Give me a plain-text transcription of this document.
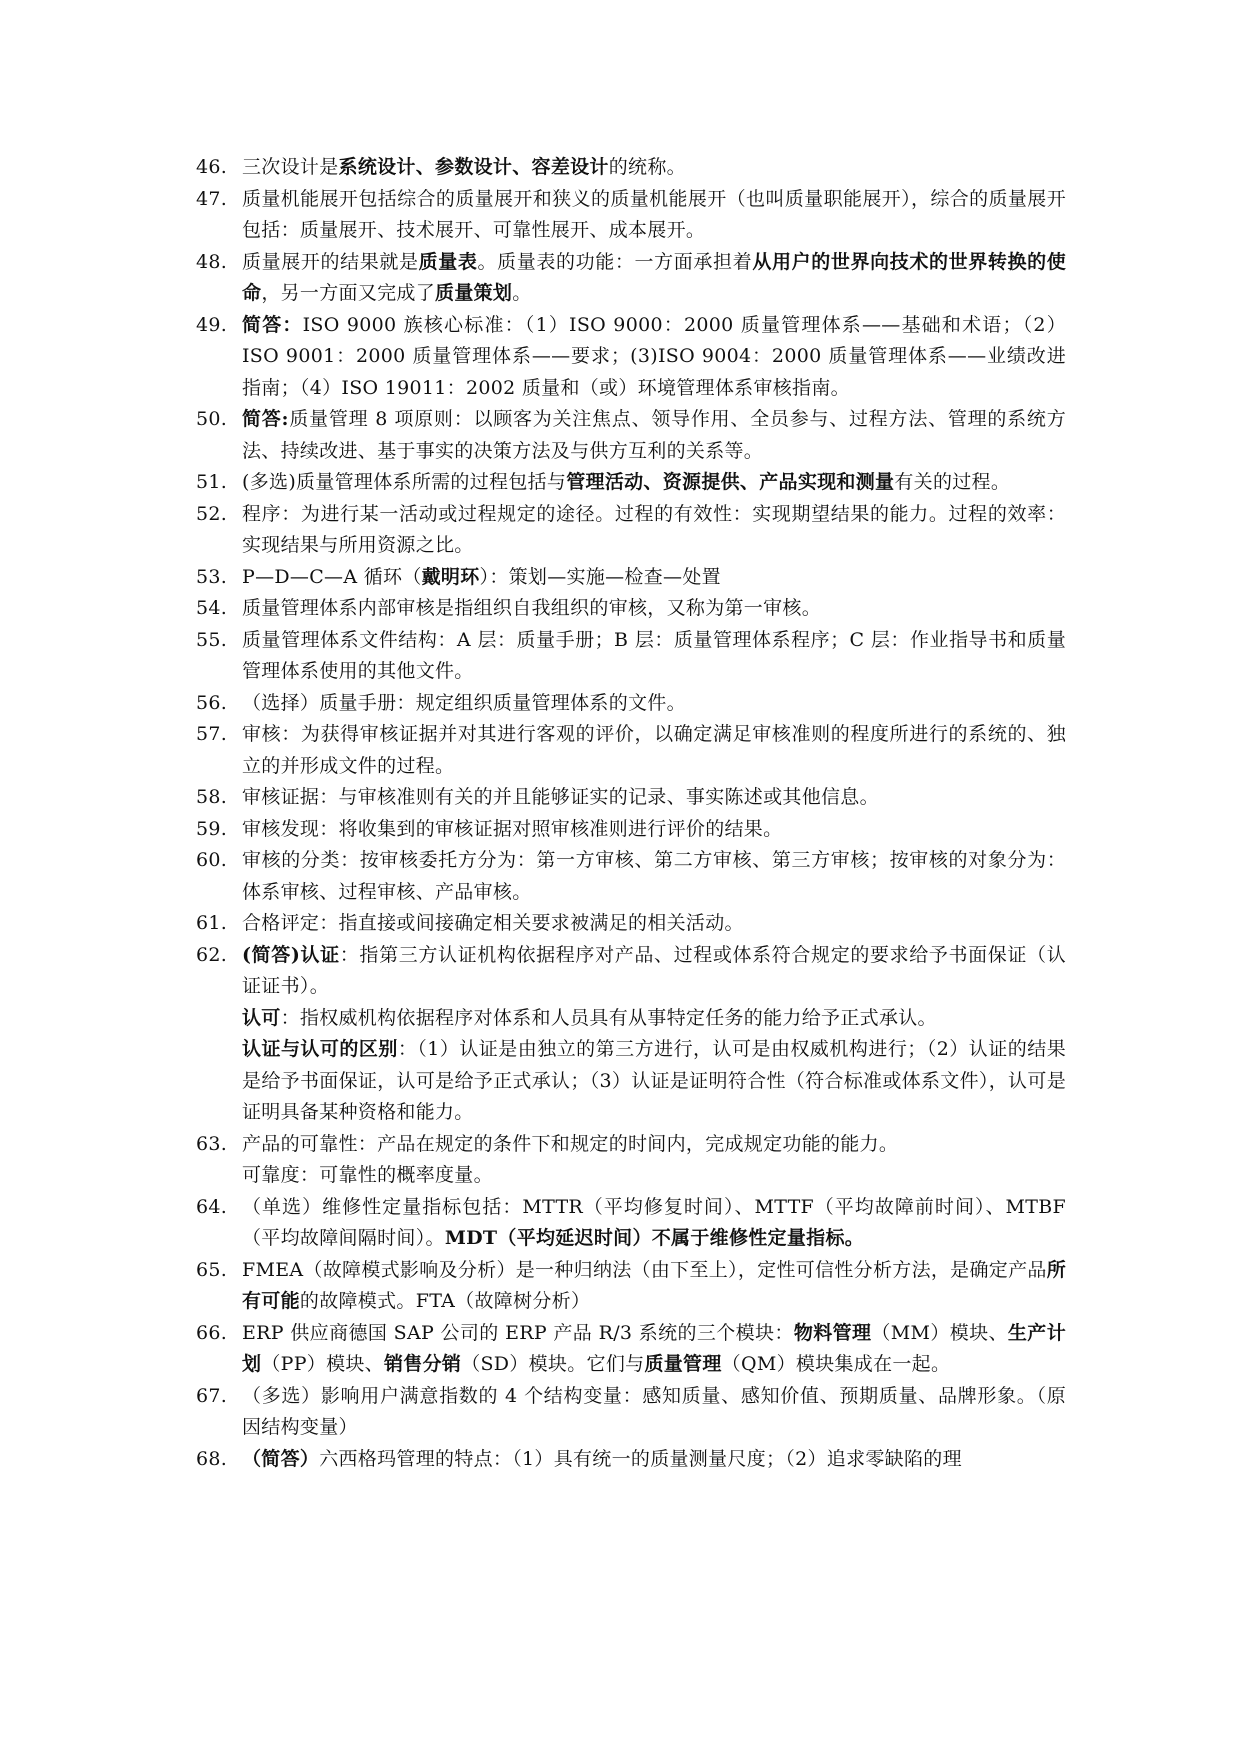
46. 三次设计是系统设计、参数设计、容差设计的统称。
47. 质量机能展开包括综合的质量展开和狭义的质量机能展开（也叫质量职能展开），综合的质量展开包括：质量展开、技术展开、可靠性展开、成本展开。
48. 质量展开的结果就是质量表。质量表的功能：一方面承担着从用户的世界向技术的世界转换的使命，另一方面又完成了质量策划。
49. 简答：ISO 9000 族核心标准：（1）ISO 9000：2000 质量管理体系——基础和术语；（2）ISO 9001：2000 质量管理体系——要求；(3)ISO 9004：2000 质量管理体系——业绩改进指南；（4）ISO 19011：2002 质量和（或）环境管理体系审核指南。
50. 简答:质量管理 8 项原则：以顾客为关注焦点、领导作用、全员参与、过程方法、管理的系统方法、持续改进、基于事实的决策方法及与供方互利的关系等。
51. (多选)质量管理体系所需的过程包括与管理活动、资源提供、产品实现和测量有关的过程。
52. 程序：为进行某一活动或过程规定的途径。过程的有效性：实现期望结果的能力。过程的效率：实现结果与所用资源之比。
53. P—D—C—A 循环（戴明环）：策划—实施—检查—处置
54. 质量管理体系内部审核是指组织自我组织的审核，又称为第一审核。
55. 质量管理体系文件结构：A 层：质量手册；B 层：质量管理体系程序；C 层：作业指导书和质量管理体系使用的其他文件。
56. （选择）质量手册：规定组织质量管理体系的文件。
57. 审核：为获得审核证据并对其进行客观的评价，以确定满足审核准则的程度所进行的系统的、独立的并形成文件的过程。
58. 审核证据：与审核准则有关的并且能够证实的记录、事实陈述或其他信息。
59. 审核发现：将收集到的审核证据对照审核准则进行评价的结果。
60. 审核的分类：按审核委托方分为：第一方审核、第二方审核、第三方审核；按审核的对象分为：体系审核、过程审核、产品审核。
61. 合格评定：指直接或间接确定相关要求被满足的相关活动。
62. (简答)认证：指第三方认证机构依据程序对产品、过程或体系符合规定的要求给予书面保证（认证证书）。
认可：指权威机构依据程序对体系和人员具有从事特定任务的能力给予正式承认。
认证与认可的区别：（1）认证是由独立的第三方进行，认可是由权威机构进行；（2）认证的结果是给予书面保证，认可是给予正式承认；（3）认证是证明符合性（符合标准或体系文件），认可是证明具备某种资格和能力。
63. 产品的可靠性：产品在规定的条件下和规定的时间内，完成规定功能的能力。
可靠度：可靠性的概率度量。
64. （单选）维修性定量指标包括：MTTR（平均修复时间）、MTTF（平均故障前时间）、MTBF（平均故障间隔时间）。MDT（平均延迟时间）不属于维修性定量指标。
65. FMEA（故障模式影响及分析）是一种归纳法（由下至上），定性可信性分析方法，是确定产品所有可能的故障模式。FTA（故障树分析）
66. ERP 供应商德国 SAP 公司的 ERP 产品 R/3 系统的三个模块：物料管理（MM）模块、生产计划（PP）模块、销售分销（SD）模块。它们与质量管理（QM）模块集成在一起。
67. （多选）影响用户满意指数的 4 个结构变量：感知质量、感知价值、预期质量、品牌形象。（原因结构变量）
68. （简答）六西格玛管理的特点：（1）具有统一的质量测量尺度；（2）追求零缺陷的理
